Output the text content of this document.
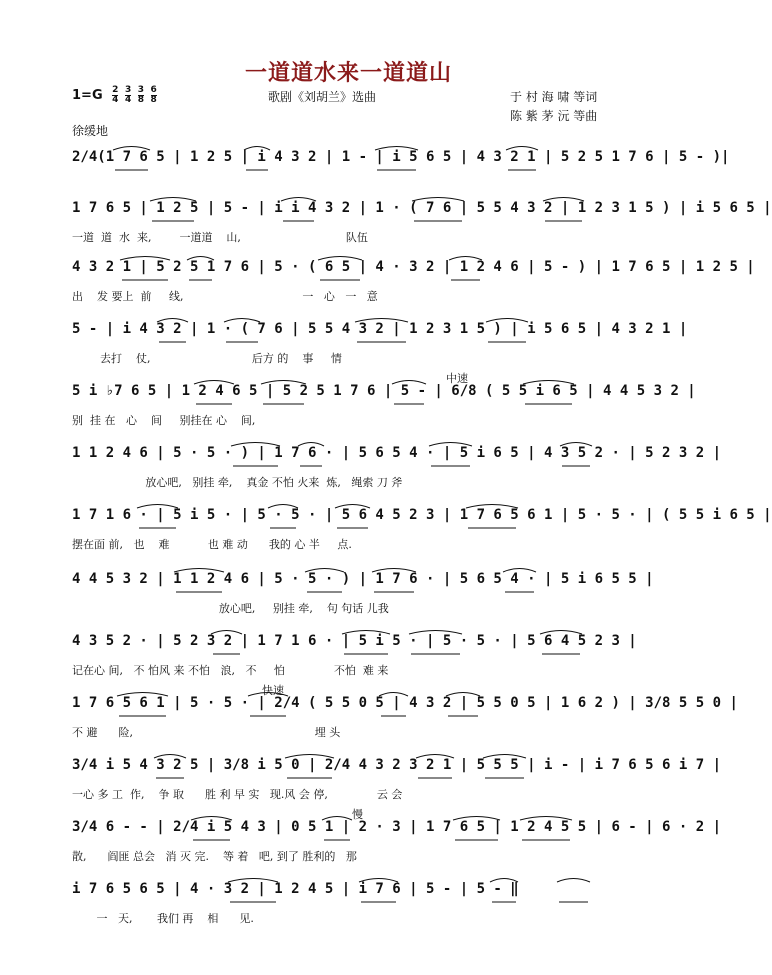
一道道水来一道道山
$1=G \frac{2}{4}$
$\frac{3}{4}$
$\frac{3}{8}$
$\frac{6}{8}$	歌剧《刘胡兰》选曲	于 村 海 啸 等词
陈 紫 茅 沅 等曲
徐缓地
2/4(1 7 6 5 | 1 2 5 | i 4 3 2 | 1 - | i 5 6 5 | 4 3 2 1 | 5 2 5 1 7 6 | 5 - )|
1 7 6 5 | 1 2 5 | 5 - | i i 4 3 2 | 1 · ( 7 6 | 5 5 4 3 2 | 1 2 3 1 5 ) | i 5 6 5 |
一道  道  水  来,        一道道    山,                              队伍
4 3 2 1 | 5 2 5 1 7 6 | 5 · ( 6 5 | 4 · 3 2 | 1 2 4 6 | 5 - ) | 1 7 6 5 | 1 2 5 |
出    发 要上  前     线,                                  一   心   一   意
5 - | i 4 3 2 | 1 · ( 7 6 | 5 5 4 3 2 | 1 2 3 1 5 ) | i 5 6 5 | 4 3 2 1 |
去打    仗,                             后方 的    事     情
5 i ♭7 6 5 | 1 2 4 6 5 | 5 2 5 1 7 6 | 5 - | 6/8 ( 5 5 i 6 5 | 4 4 5 3 2 |
别  挂 在   心    间     别挂在 心    间,
1 1 2 4 6 | 5 · 5 · ) | 1 7 6 · | 5 6 5 4 · | 5 i 6 5 | 4 3 5 2 · | 5 2 3 2 |
放心吧,   别挂 牵,    真金 不怕 火来  炼,   绳索 刀 斧
1 7 1 6 · | 5 i 5 · | 5 · 5 · | 5 6 4 5 2 3 | 1 7 6 5 6 1 | 5 · 5 · | ( 5 5 i 6 5 |
摆在面 前,   也    难           也 难 动      我的 心 半     点.
4 4 5 3 2 | 1 1 2 4 6 | 5 · 5 · ) | 1 7 6 · | 5 6 5 4 · | 5 i 6 5 5 |
放心吧,     别挂 牵,    句 句话 儿我
4 3 5 2 · | 5 2 3 2 | 1 7 1 6 · | 5 i 5 · | 5 · 5 · | 5 6 4 5 2 3 |
记在心 间,   不 怕风 来 不怕   浪,   不     怕              不怕  难 来
1 7 6 5 6 1 | 5 · 5 · | 2/4 ( 5 5 0 5 | 4 3 2 | 5 5 0 5 | 1 6 2 ) | 3/8 5 5 0 |
不 避      险,                                                    埋 头
3/4 i 5 4 3 2 5 | 3/8 i 5 0 | 2/4 4 3 2 3 2 1 | 5 5 5 | i - | i 7 6 5 6 i 7 |
一心 多 工  作,    争 取      胜 利 早 实   现.风 会 停,              云 会
3/4 6 - - | 2/4 i 5 4 3 | 0 5 1 | 2 · 3 | 1 7 6 5 | 1 2 4 5 5 | 6 - | 6 · 2 |
散,      阎匪 总会   消 灭 完.    等 着   吧, 到了 胜利的   那
i 7 6 5 6 5 | 4 · 3 2 | 1 2 4 5 | i 7 6 | 5 - | 5 - ‖
一   天,       我们 再    相      见.
中速
快速
慢
